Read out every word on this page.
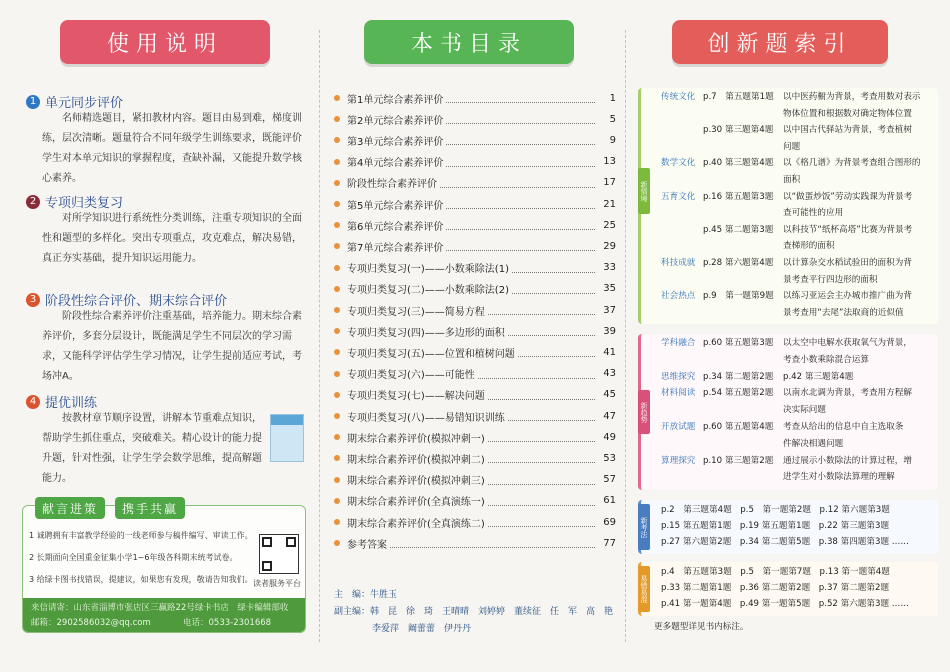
使用说明
1 单元同步评价
名师精选题目，紧扣教材内容。题目由易到难，梯度训练，层次清晰。题量符合不同年级学生训练要求，既能评价学生对本单元知识的掌握程度，查缺补漏，又能提升数学核心素养。
2 专项归类复习
对所学知识进行系统性分类训练，注重专项知识的全面性和题型的多样化。突出专项重点，攻克难点，解决易错，真正夯实基础，提升知识运用能力。
3 阶段性综合评价、期末综合评价
阶段性综合素养评价注重基础，培养能力。期末综合素养评价，多套分层设计，既能满足学生不同层次的学习需求，又能科学评估学生学习情况，让学生提前适应考试，考场冲A。
4 提优训练
按教材章节顺序设置，讲解本节重难点知识，帮助学生抓住重点，突破难关。精心设计的能力提升题，针对性强，让学生学会数学思维，提高解题能力。
献言进策	携手共赢
1 诚聘拥有丰富教学经验的一线老师参与稿件编写、审读工作。
2 长期面向全国重金征集小学1~6年级各科期末统考试卷。
3 给绿卡图书找错误，提建议，如果您有发现，敬请告知我们。 读者服务平台
来信请寄：山东省淄博市张店区三赢路22号绿卡书店　绿卡编辑部收
邮箱：2902586032@qq.com	电话：0533-2301668
本书目录
第1单元综合素养评价	1
第2单元综合素养评价	5
第3单元综合素养评价	9
第4单元综合素养评价	13
阶段性综合素养评价	17
第5单元综合素养评价	21
第6单元综合素养评价	25
第7单元综合素养评价	29
专项归类复习(一)——小数乘除法(1)	33
专项归类复习(二)——小数乘除法(2)	35
专项归类复习(三)——简易方程	37
专项归类复习(四)——多边形的面积	39
专项归类复习(五)——位置和植树问题	41
专项归类复习(六)——可能性	43
专项归类复习(七)——解决问题	45
专项归类复习(八)——易错知识训练	47
期末综合素养评价(模拟冲刺一)	49
期末综合素养评价(模拟冲刺二)	53
期末综合素养评价(模拟冲刺三)	57
期末综合素养评价(全真演练一)	61
期末综合素养评价(全真演练二)	69
参考答案	77
主　编：牛胜玉
副主编：韩　昆　徐　琦　王晴晴　刘婷婷　董续征　任　军　高　艳
李爱萍　阚蕾蕾　伊丹丹
创新题索引
新情境
传统文化 p.7　第五题第1题 以中医药橱为背景，考查用数对表示
物体位置和根据数对确定物体位置
p.30 第三题第4题 以中国古代驿站为背景，考查植树
问题
数学文化 p.40 第三题第4题 以《格几谱》为背景考查组合图形的
面积
五育文化 p.16 第五题第3题 以“做蛋炒饭”劳动实践课为背景考
查可能性的应用
p.45 第二题第3题 以科技节“纸杯高塔”比赛为背景考
查梯形的面积
科技成就 p.28 第六题第4题 以计算杂交水稻试验田的面积为背
景考查平行四边形的面积
社会热点 p.9　第一题第9题 以练习亚运会主办城市推广曲为背
景考查用“去尾”法取商的近似值
新趋势
学科融合 p.60 第五题第3题 以太空中电解水获取氧气为背景，
考查小数乘除混合运算
思维探究 p.34 第二题第2题 p.42 第三题第4题
材料阅读 p.54 第五题第2题 以南水北调为背景，考查用方程解
决实际问题
开放试题 p.60 第五题第4题 考查从给出的信息中自主选取条
件解决相遇问题
算理探究 p.10 第三题第2题 通过展示小数除法的计算过程，增
进学生对小数除法算理的理解
新考法
p.2　第三题第4题　p.5　第一题第2题　p.12 第六题第3题
p.15 第五题第1题　p.19 第五题第1题　p.22 第三题第3题
p.27 第六题第2题　p.34 第二题第5题　p.38 第四题第3题 ……
易错易混
p.4　第五题第3题　p.5　第一题第7题　p.13 第一题第4题
p.33 第二题第1题　p.36 第二题第2题　p.37 第二题第2题
p.41 第一题第4题　p.49 第一题第5题　p.52 第六题第3题 ……
更多题型详见书内标注。
